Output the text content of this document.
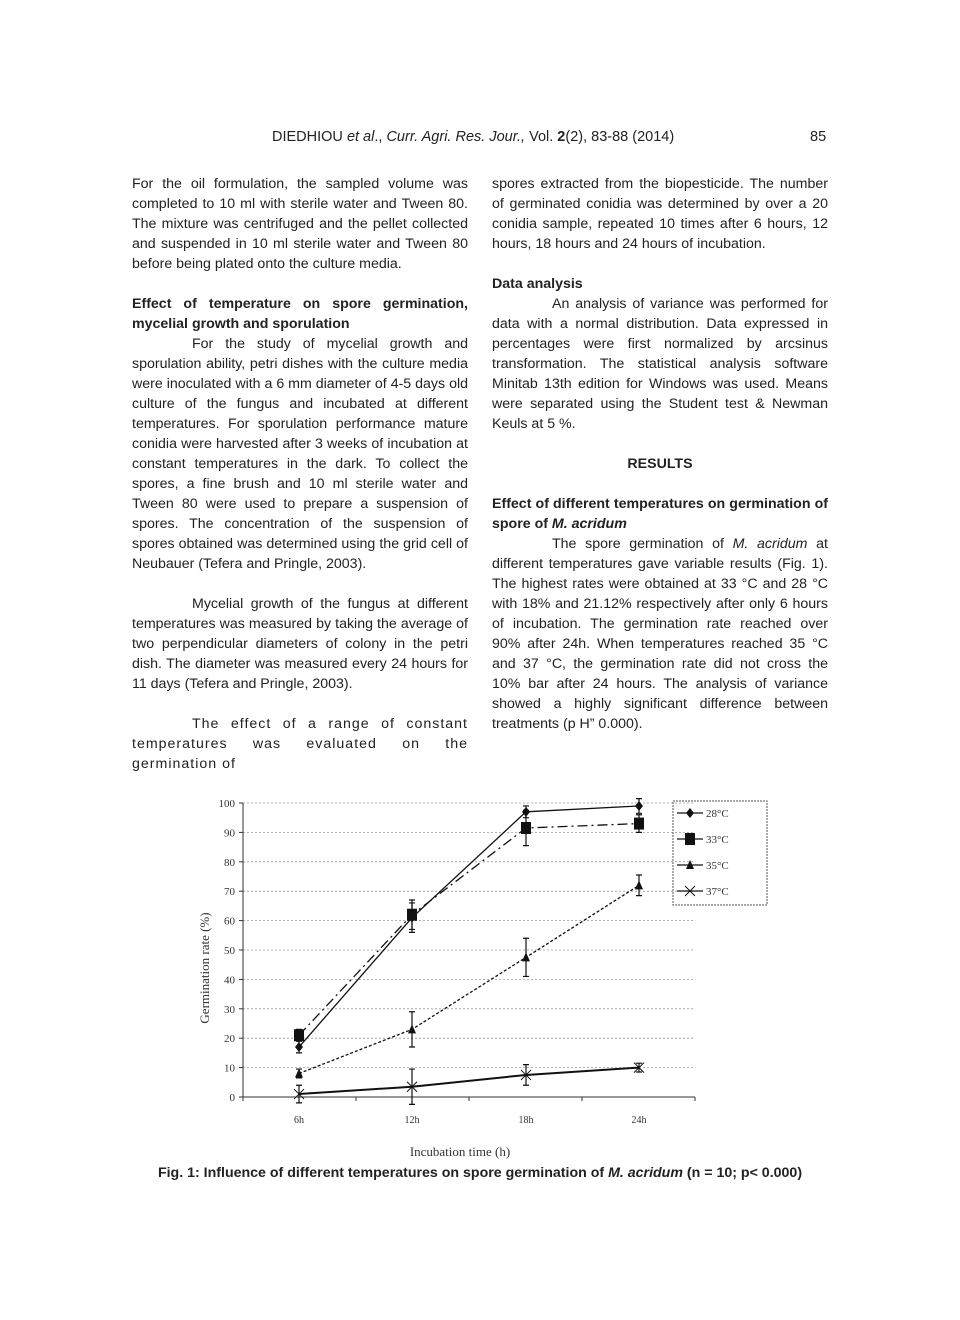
DIEDHIOU et al., Curr. Agri. Res. Jour., Vol. 2(2), 83-88 (2014)	85

For the oil formulation, the sampled volume was completed to 10 ml with sterile water and Tween 80. The mixture was centrifuged and the pellet collected and suspended in 10 ml sterile water and Tween 80 before being plated onto the culture media.

Effect of temperature on spore germination, mycelial growth and sporulation

For the study of mycelial growth and sporulation ability, petri dishes with the culture media were inoculated with a 6 mm diameter of 4-5 days old culture of the fungus and incubated at different temperatures. For sporulation performance mature conidia were harvested after 3 weeks of incubation at constant temperatures in the dark. To collect the spores, a fine brush and 10 ml sterile water and Tween 80 were used to prepare a suspension of spores. The concentration of the suspension of spores obtained was determined using the grid cell of Neubauer (Tefera and Pringle, 2003).

Mycelial growth of the fungus at different temperatures was measured by taking the average of two perpendicular diameters of colony in the petri dish. The diameter was measured every 24 hours for 11 days (Tefera and Pringle, 2003).

The effect of a range of constant temperatures was evaluated on the germination of

spores extracted from the biopesticide. The number of germinated conidia was determined by over a 20 conidia sample, repeated 10 times after 6 hours, 12 hours, 18 hours and 24 hours of incubation.

Data analysis

An analysis of variance was performed for data with a normal distribution. Data expressed in percentages were first normalized by arcsinus transformation. The statistical analysis software Minitab 13th edition for Windows was used. Means were separated using the Student test & Newman Keuls at 5 %.

RESULTS

Effect of different temperatures on germination of spore of M. acridum

The spore germination of M. acridum at different temperatures gave variable results (Fig. 1). The highest rates were obtained at 33 °C and 28 °C with 18% and 21.12% respectively after only 6 hours of incubation. The germination rate reached over 90% after 24h. When temperatures reached 35 °C and 37 °C, the germination rate did not cross the 10% bar after 24 hours. The analysis of variance showed a highly significant difference between treatments (p H” 0.000).

0
10
20
30
40
50
60
70
80
90
100
6h	12h	18h	24h
28°C
33°C
35°C
37°C
Incubation time (h)
Germination rate (%)
Fig. 1: Influence of different temperatures on spore germination of M. acridum (n = 10; p< 0.000)
